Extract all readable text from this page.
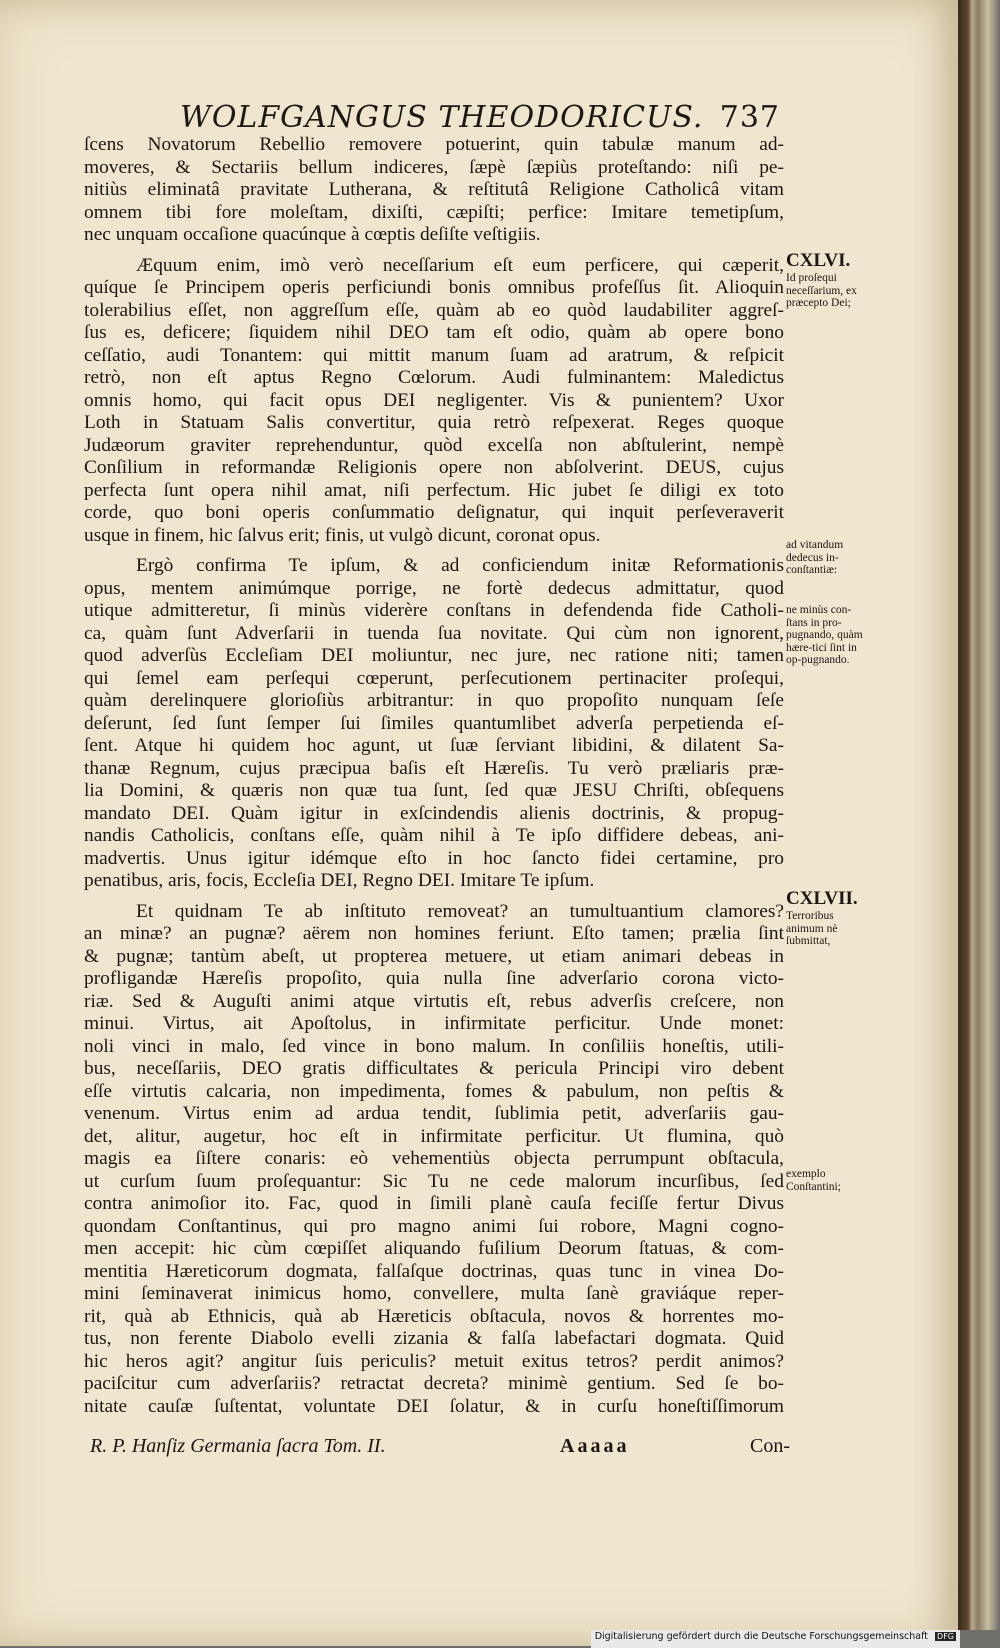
WOLFGANGUS THEODORICUS. 737
ſcens Novatorum Rebellio removere potuerint, quin tabulæ manum ad-
moveres, & Sectariis bellum indiceres, ſæpè ſæpiùs proteſtando: niſi pe-
nitiùs eliminatâ pravitate Lutherana, & reſtitutâ Religione Catholicâ vitam
omnem tibi fore moleſtam, dixiſti, cæpiſti; perfice: Imitare temetipſum,
nec unquam occaſione quacúnque à cœptis deſiſte veſtigiis.
Æquum enim, imò verò neceſſarium eſt eum perficere, qui cæperit,
quíque ſe Principem operis perficiundi bonis omnibus profeſſus ſit. Alioquin
tolerabilius eſſet, non aggreſſum eſſe, quàm ab eo quòd laudabiliter aggreſ-
ſus es, deficere; ſiquidem nihil DEO tam eſt odio, quàm ab opere bono
ceſſatio, audi Tonantem: qui mittit manum ſuam ad aratrum, & reſpicit
retrò, non eſt aptus Regno Cœlorum. Audi fulminantem: Maledictus
omnis homo, qui facit opus DEI negligenter. Vis & punientem? Uxor
Loth in Statuam Salis convertitur, quia retrò reſpexerat. Reges quoque
Judæorum graviter reprehenduntur, quòd excelſa non abſtulerint, nempè
Conſilium in reformandæ Religionis opere non abſolverint. DEUS, cujus
perfecta ſunt opera nihil amat, niſi perfectum. Hic jubet ſe diligi ex toto
corde, quo boni operis conſummatio deſignatur, qui inquit perſeveraverit
usque in finem, hic ſalvus erit; finis, ut vulgò dicunt, coronat opus.
Ergò confirma Te ipſum, & ad conficiendum initæ Reformationis
opus, mentem animúmque porrige, ne fortè dedecus admittatur, quod
utique admitteretur, ſi minùs viderère conſtans in defendenda fide Catholi-
ca, quàm ſunt Adverſarii in tuenda ſua novitate. Qui cùm non ignorent,
quod adverſùs Eccleſiam DEI moliuntur, nec jure, nec ratione niti; tamen
qui ſemel eam perſequi cœperunt, perſecutionem pertinaciter proſequi,
quàm derelinquere glorioſiùs arbitrantur: in quo propoſito nunquam ſeſe
deſerunt, ſed ſunt ſemper ſui ſimiles quantumlibet adverſa perpetienda eſ-
ſent. Atque hi quidem hoc agunt, ut ſuæ ſerviant libidini, & dilatent Sa-
thanæ Regnum, cujus præcipua baſis eſt Hæreſis. Tu verò præliaris præ-
lia Domini, & quæris non quæ tua ſunt, ſed quæ JESU Chriſti, obſequens
mandato DEI. Quàm igitur in exſcindendis alienis doctrinis, & propug-
nandis Catholicis, conſtans eſſe, quàm nihil à Te ipſo diffidere debeas, ani-
madvertis. Unus igitur idémque eſto in hoc ſancto fidei certamine, pro
penatibus, aris, focis, Eccleſia DEI, Regno DEI. Imitare Te ipſum.
Et quidnam Te ab inſtituto removeat? an tumultuantium clamores?
an minæ? an pugnæ? aërem non homines feriunt. Eſto tamen; prælia ſint
& pugnæ; tantùm abeſt, ut propterea metuere, ut etiam animari debeas in
profligandæ Hæreſis propoſito, quia nulla ſine adverſario corona victo-
riæ. Sed & Auguſti animi atque virtutis eſt, rebus adverſis creſcere, non
minui. Virtus, ait Apoſtolus, in infirmitate perficitur. Unde monet:
noli vinci in malo, ſed vince in bono malum. In conſiliis honeſtis, utili-
bus, neceſſariis, DEO gratis difficultates & pericula Principi viro debent
eſſe virtutis calcaria, non impedimenta, fomes & pabulum, non peſtis &
venenum. Virtus enim ad ardua tendit, ſublimia petit, adverſariis gau-
det, alitur, augetur, hoc eſt in infirmitate perficitur. Ut flumina, quò
magis ea ſiſtere conaris: eò vehementiùs objecta perrumpunt obſtacula,
ut curſum ſuum proſequantur: Sic Tu ne cede malorum incurſibus, ſed
contra animoſior ito. Fac, quod in ſimili planè cauſa feciſſe fertur Divus
quondam Conſtantinus, qui pro magno animi ſui robore, Magni cogno-
men accepit: hic cùm cœpiſſet aliquando fuſilium Deorum ſtatuas, & com-
mentitia Hæreticorum dogmata, falſaſque doctrinas, quas tunc in vinea Do-
mini ſeminaverat inimicus homo, convellere, multa ſanè graviáque reper-
rit, quà ab Ethnicis, quà ab Hæreticis obſtacula, novos & horrentes mo-
tus, non ferente Diabolo evelli zizania & falſa labefactari dogmata. Quid
hic heros agit? angitur ſuis periculis? metuit exitus tetros? perdit animos?
paciſcitur cum adverſariis? retractat decreta? minimè gentium. Sed ſe bo-
nitate cauſæ ſuſtentat, voluntate DEI ſolatur, & in curſu honeſtiſſimorum
CXLVI.
Id proſequi neceſſarium, ex præcepto Dei;
ad vitandum dedecus in-conſtantiæ:
ne minùs con-ſtans in pro-pugnando, quàm hære-tici ſint in op-pugnando.
CXLVII.
Terroribus animum nè ſubmittat,
exemplo Conſtantini;
R. P. Hanſiz Germania ſacra Tom. II.	Aaaaa	Con-
Digitalisierung gefördert durch die Deutsche Forschungsgemeinschaft DFG
